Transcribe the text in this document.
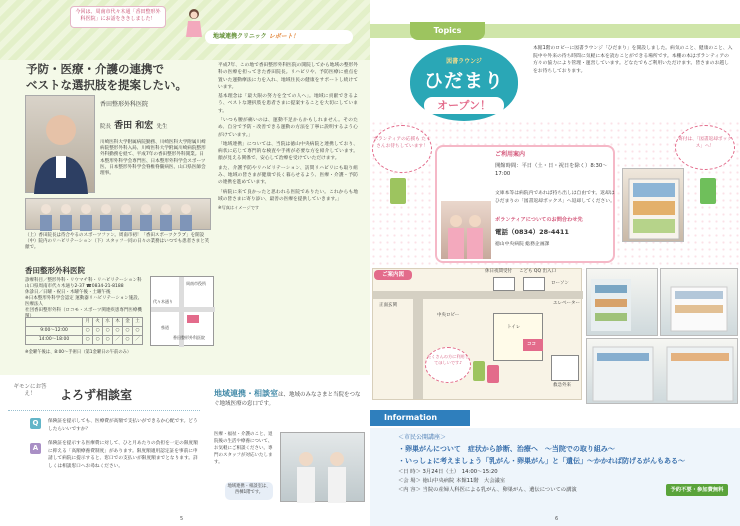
今回は、周南市代々木通「香田整形外科医院」にお話をききしました！
地域連携クリニック レポート！
予防・医療・介護の連携で
ベストな選択肢を提案したい。
香田整形外科医院
院長 香田 和宏 先生
川崎医科大学附属病院勤務、川崎医科大学附属川崎病院整形外科入局、川崎医科大学附属川崎病院整形外科勤務を経て、平成7年の香田整形外科開業。日本整形外科学会専門医、日本整形外科学会スポーツ医、日本整形外科学会脊椎脊髄病医、山口県医師会理事。
（上）香田院長は待合やるのスポーツファン。周南市初！「香田スポーツクラブ」を開設（中）院内のリハビリテーション（下）スタッフ一同の日々の業務はいつでも患者さまと笑顔で。
香田整形外科医院
診療科目／整形外科・リウマチ科・リハビリテーション科
山口県周南市代々木通り2-37 ☎0834-21-8188
休診日／日曜・祝日・木曜午後・土曜午後
※日本整形外科学会認定 運動器リハビリテーション施設、医療法人
社団香田整形外科（ロコモ・スポーツ関連疾患専門医療機関）
	月	火	水	木	金	土
9:00〜12:00	○	○	○	○	○	○
14:00〜18:00	○	○	○	／	○	／
代々木通り
周南市役所
県道
香田整形外科医院
※金曜午後は、8:00〜手術日（第1金曜日の午前のみ）

平成7年、この地で香田整形外科医院の開院してから地域の整形外科の医療を担ってきた香田院長。リハビリや、予防医療に重点を置いた運動療法に力を入れ、地域住民の健康をサポートし続けています。

基本理念は「最大限の努力を全ての人へ」。地域に貢献できるよう、ベストな選択肢を患者さまに提案することを大切にしています。

「いつも腰が痛いのは、運動不足からかもしれません。そのため、自分で予防・改善できる運動の方法を丁寧に説明するよう心がけています。」

「地域連携」については、当院は徳山中央病院と連携しており、病状に応じて専門的な検査や手術が必要な方を紹介しています。顔が見える関係で、安心して治療を受けていただけます。

また、介護予防やリハビリテーション、訪問リハビリにも取り組み、地域の皆さまが健康で長く暮らせるよう、医療・介護・予防の連携を進めています。

「病院に来て良かったと思われる医院でありたい。これからも地域の皆さまに寄り添い、最善の医療を提供していきます。」

※写真はイメージです

ギモンにお答え！	よろず相談室
Q	保険証を提示しても、医療費が高額で支払いができるか心配です。どうしたらいいですか？
A
保険証を提示する医療費に対して、ひと月あたりの負担を一定の限度額に抑える「高額療養費制度」があります。限度額適用認定証を事前に申請して病院に提示すると、窓口での支払いが限度額までとなります。詳しくは相談窓口へお尋ねください。
地域連携・相談室は、地域のみなさまと当院をつなぐ地域医療の窓口です。
医療・福祉・介護のこと、退院後の生活や療養について、お気軽にご相談ください。専門のスタッフが対応いたします。
地域連携・相談室は、西棟1階です。
5
Topics
図書ラウンジ
ひだまり
オープン！
本館1階のロビーに図書ラウンジ「ひだまり」を開設しました。病気のこと、健康のこと、入院中や外来の待ち時間に気軽に本を読むことができる場所です。本棚の本はボランティアの方々の協力により管理・運営しています。どなたでもご利用いただけます。皆さまのお越しをお待ちしております。
ボランティアの応援も たくさんお待ちしています！
寄付は、「図書返却ボックス」へ！
ご利用案内
開館時間：平日（土・日・祝日を除く）8:30〜17:00
文庫本等は病院内であれば持ち出しは自由です。返却はひだまりの「図書返却ボックス」へ返却してください。
ボランティアについてのお問合わせ先
電話（0834）28-4411
徳山中央病院 総務企画課
休日夜間受付 こども QQ 出入口
ローソン
エレベーター
中央ロビー
正面玄関
トイレ
ココ
救急外来
たくさんの方に利用してほしいです♪
ご案内図
Information
＜市民公開講座＞
・卵巣がんについて　症状から診断、治療へ　～当院での取り組み～
・いっしょに考えましょう「乳がん・卵巣がん」と「遺伝」～かかれば防げるがんもある～
＜日 時＞ 3月24日（土）　14:00～15:20
＜会 場＞ 徳山中央病院 本館11階　大会議室
＜内 容＞ 当院の産婦人科医による乳がん、卵巣がん、遺伝についての講演	予約不要・参加費無料
6
